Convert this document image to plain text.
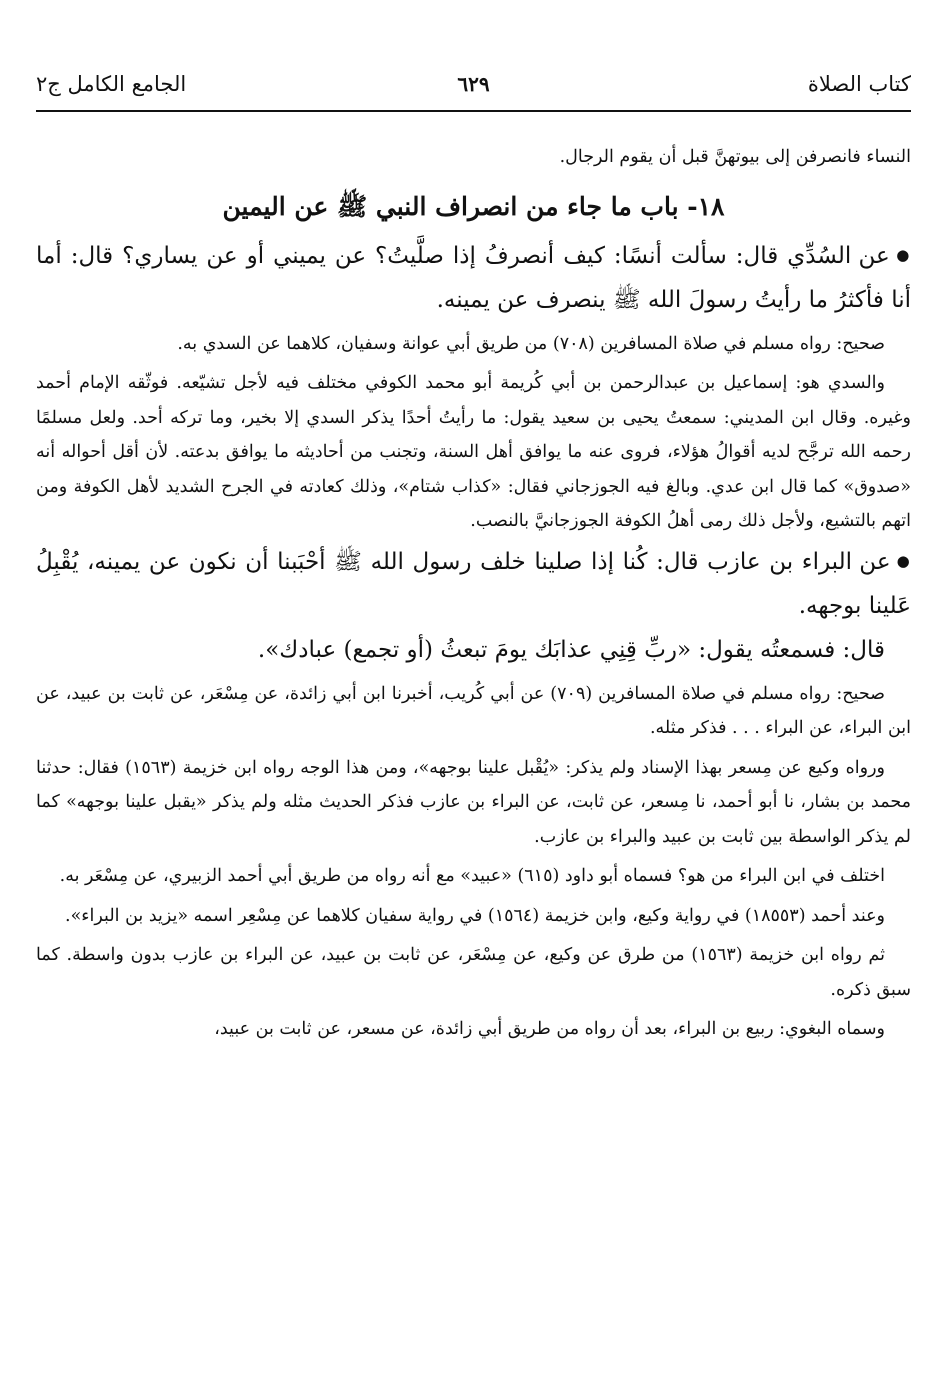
كتاب الصلاة
٦٢٩
الجامع الكامل ج٢

النساء فانصرفن إلى بيوتهنَّ قبل أن يقوم الرجال.

١٨- باب ما جاء من انصراف النبي ﷺ عن اليمين

● عن السُدِّي قال: سألت أنسًا: كيف أنصرفُ إذا صلَّيتُ؟ عن يميني أو عن يساري؟ قال: أما أنا فأكثرُ ما رأيتُ رسولَ الله ﷺ ينصرف عن يمينه.

صحيح: رواه مسلم في صلاة المسافرين (٧٠٨) من طريق أبي عوانة وسفيان، كلاهما عن السدي به.

والسدي هو: إسماعيل بن عبدالرحمن بن أبي كُريمة أبو محمد الكوفي مختلف فيه لأجل تشيّعه. فوثّقه الإمام أحمد وغيره. وقال ابن المديني: سمعتُ يحيى بن سعيد يقول: ما رأيتُ أحدًا يذكر السدي إلا بخير، وما تركه أحد. ولعل مسلمًا رحمه الله ترجَّح لديه أقوالُ هؤلاء، فروى عنه ما يوافق أهل السنة، وتجنب من أحاديثه ما يوافق بدعته. لأن أقل أحواله أنه «صدوق» كما قال ابن عدي. وبالغ فيه الجوزجاني فقال: «كذاب شتام»، وذلك كعادته في الجرح الشديد لأهل الكوفة ومن اتهم بالتشيع، ولأجل ذلك رمى أهلُ الكوفة الجوزجانيَّ بالنصب.

● عن البراء بن عازب قال: كُنا إذا صلينا خلف رسول الله ﷺ أحْبَبنا أن نكون عن يمينه، يُقْبِلُ عَلينا بوجهه.

قال: فسمعتُه يقول: «ربِّ قِنِي عذابَك يومَ تبعثُ (أو تجمع) عبادك».

صحيح: رواه مسلم في صلاة المسافرين (٧٠٩) عن أبي كُريب، أخبرنا ابن أبي زائدة، عن مِسْعَر، عن ثابت بن عبيد، عن ابن البراء، عن البراء . . . فذكر مثله.

ورواه وكيع عن مِسعر بهذا الإسناد ولم يذكر: «يُقْبل علينا بوجهه»، ومن هذا الوجه رواه ابن خزيمة (١٥٦٣) فقال: حدثنا محمد بن بشار، نا أبو أحمد، نا مِسعر، عن ثابت، عن البراء بن عازب فذكر الحديث مثله ولم يذكر «يقبل علينا بوجهه» كما لم يذكر الواسطة بين ثابت بن عبيد والبراء بن عازب.

اختلف في ابن البراء من هو؟ فسماه أبو داود (٦١٥) «عبيد» مع أنه رواه من طريق أبي أحمد الزبيري، عن مِسْعَر به.

وعند أحمد (١٨٥٥٣) في رواية وكيع، وابن خزيمة (١٥٦٤) في رواية سفيان كلاهما عن مِسْعِر اسمه «يزيد بن البراء».

ثم رواه ابن خزيمة (١٥٦٣) من طرق عن وكيع، عن مِسْعَر، عن ثابت بن عبيد، عن البراء بن عازب بدون واسطة. كما سبق ذكره.

وسماه البغوي: ربيع بن البراء، بعد أن رواه من طريق أبي زائدة، عن مسعر، عن ثابت بن عبيد،
